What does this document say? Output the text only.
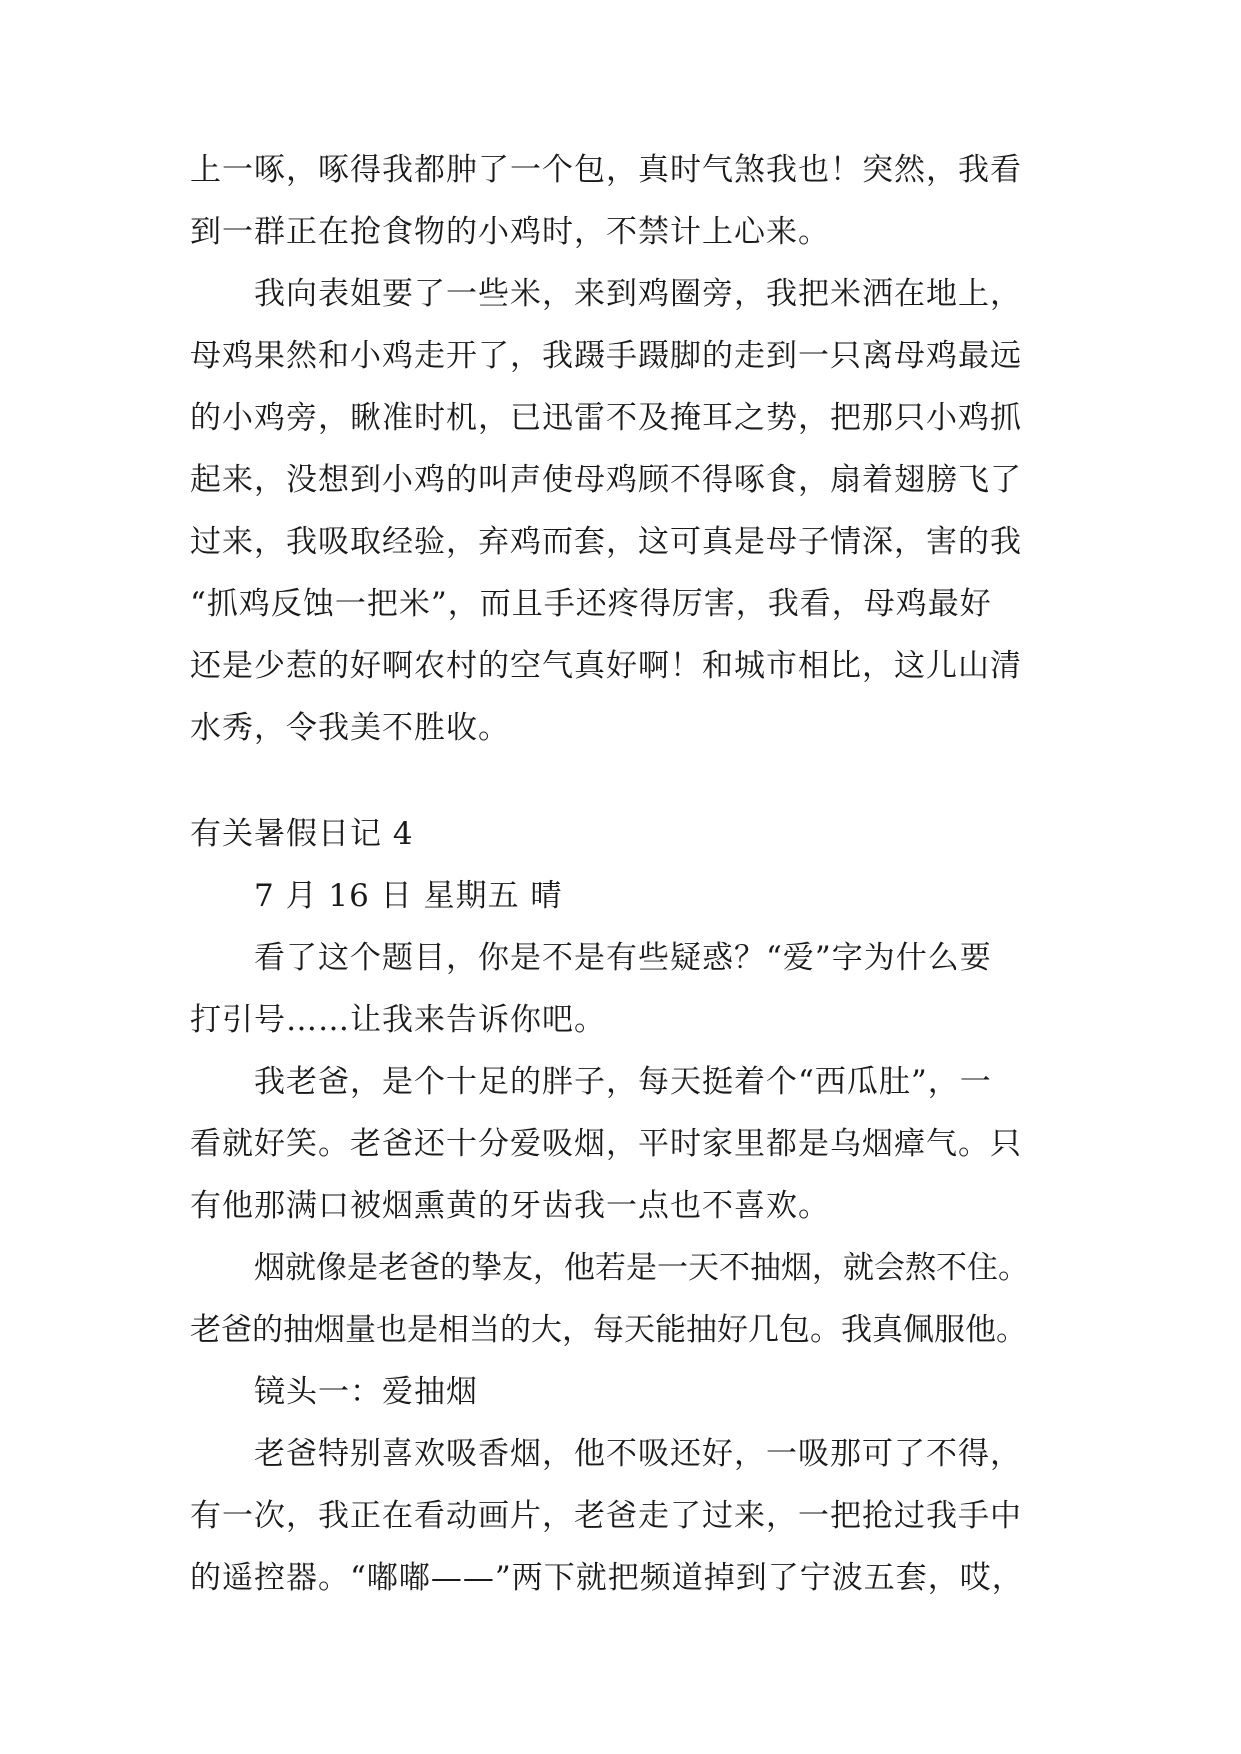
上一啄，啄得我都肿了一个包，真时气煞我也！突然，我看
到一群正在抢食物的小鸡时，不禁计上心来。
我向表姐要了一些米，来到鸡圈旁，我把米洒在地上，
母鸡果然和小鸡走开了，我蹑手蹑脚的走到一只离母鸡最远
的小鸡旁，瞅准时机，已迅雷不及掩耳之势，把那只小鸡抓
起来，没想到小鸡的叫声使母鸡顾不得啄食，扇着翅膀飞了
过来，我吸取经验，弃鸡而套，这可真是母子情深，害的我
“抓鸡反蚀一把米”，而且手还疼得厉害，我看，母鸡最好
还是少惹的好啊农村的空气真好啊！和城市相比，这儿山清
水秀，令我美不胜收。
有关暑假日记 4
7 月 16 日 星期五 晴
看了这个题目，你是不是有些疑惑？“爱”字为什么要
打引号……让我来告诉你吧。
我老爸，是个十足的胖子，每天挺着个“西瓜肚”，一
看就好笑。老爸还十分爱吸烟，平时家里都是乌烟瘴气。只
有他那满口被烟熏黄的牙齿我一点也不喜欢。
烟就像是老爸的挚友，他若是一天不抽烟，就会熬不住。
老爸的抽烟量也是相当的大，每天能抽好几包。我真佩服他。
镜头一：爱抽烟
老爸特别喜欢吸香烟，他不吸还好，一吸那可了不得，
有一次，我正在看动画片，老爸走了过来，一把抢过我手中
的遥控器。“嘟嘟——”两下就把频道掉到了宁波五套，哎，
